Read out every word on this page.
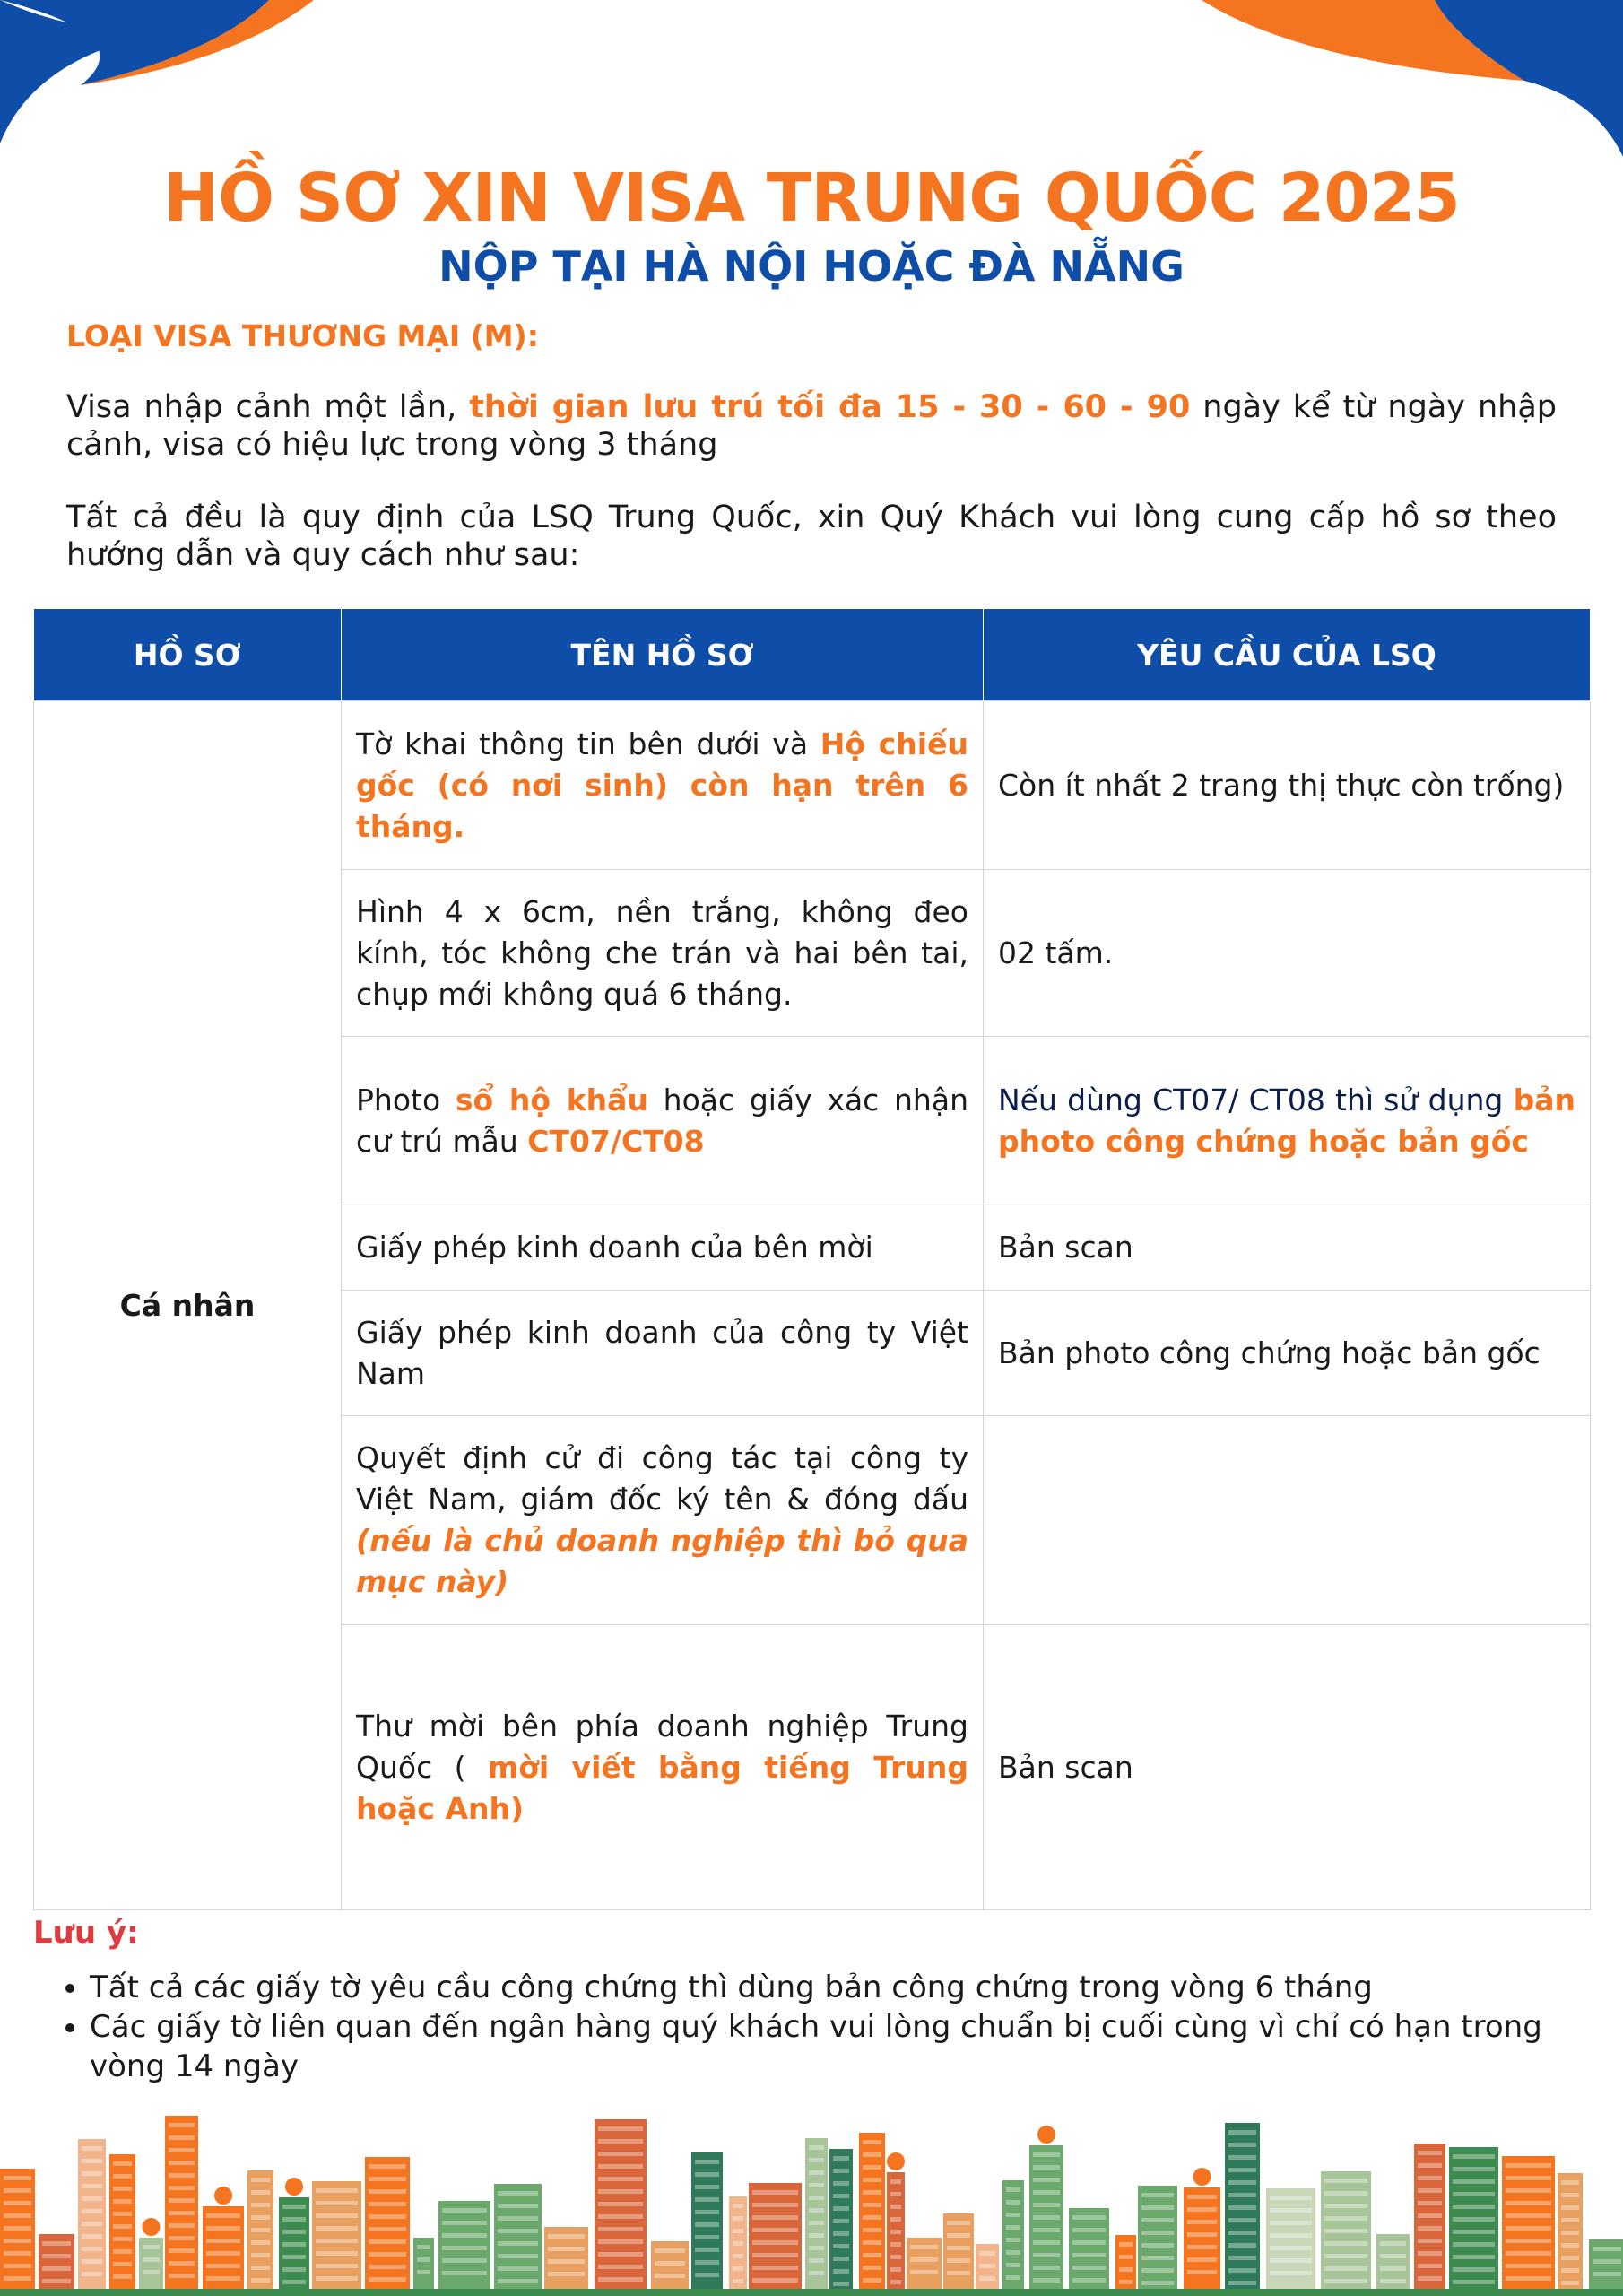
HỒ SƠ XIN VISA TRUNG QUỐC 2025
NỘP TẠI HÀ NỘI HOẶC ĐÀ NẴNG
LOẠI VISA THƯƠNG MẠI (M):
Visa nhập cảnh một lần, thời gian lưu trú tối đa 15 - 30 - 60 - 90 ngày kể từ ngày nhập cảnh, visa có hiệu lực trong vòng 3 tháng
Tất cả đều là quy định của LSQ Trung Quốc, xin Quý Khách vui lòng cung cấp hồ sơ theo hướng dẫn và quy cách như sau:
HỒ SƠ	TÊN HỒ SƠ	YÊU CẦU CỦA LSQ
Cá nhân	Tờ khai thông tin bên dưới và Hộ chiếu gốc (có nơi sinh) còn hạn trên 6 tháng.	Còn ít nhất 2 trang thị thực còn trống)
	Hình 4 x 6cm, nền trắng, không đeo kính, tóc không che trán và hai bên tai, chụp mới không quá 6 tháng.	02 tấm.
	Photo sổ hộ khẩu hoặc giấy xác nhận cư trú mẫu CT07/CT08	Nếu dùng CT07/ CT08 thì sử dụng bản photo công chứng hoặc bản gốc
	Giấy phép kinh doanh của bên mời	Bản scan
	Giấy phép kinh doanh của công ty Việt Nam	Bản photo công chứng hoặc bản gốc
	Quyết định cử đi công tác tại công ty Việt Nam, giám đốc ký tên & đóng dấu (nếu là chủ doanh nghiệp thì bỏ qua mục này)	
	Thư mời bên phía doanh nghiệp Trung Quốc ( mời viết bằng tiếng Trung hoặc Anh)	Bản scan
Lưu ý:
• Tất cả các giấy tờ yêu cầu công chứng thì dùng bản công chứng trong vòng 6 tháng
• Các giấy tờ liên quan đến ngân hàng quý khách vui lòng chuẩn bị cuối cùng vì chỉ có hạn trong vòng 14 ngày
